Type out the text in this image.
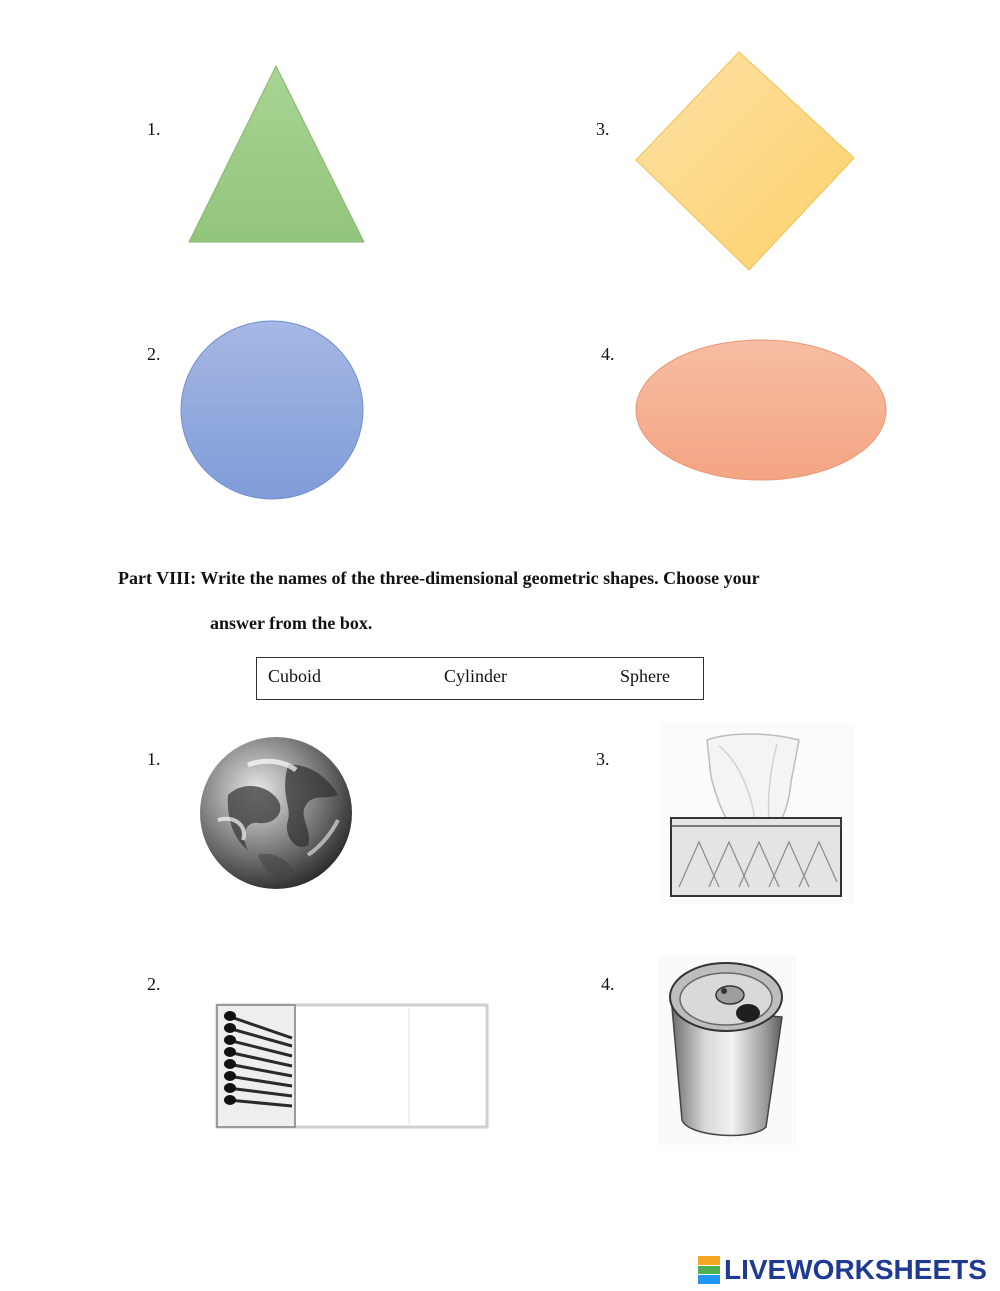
1.
2.
3.
4.
Part VIII: Write the names of the three-dimensional geometric shapes. Choose your
answer from the box.
Cuboid	Cylinder	Sphere
1.
2.
3.
4.
LIVEWORKSHEETS
